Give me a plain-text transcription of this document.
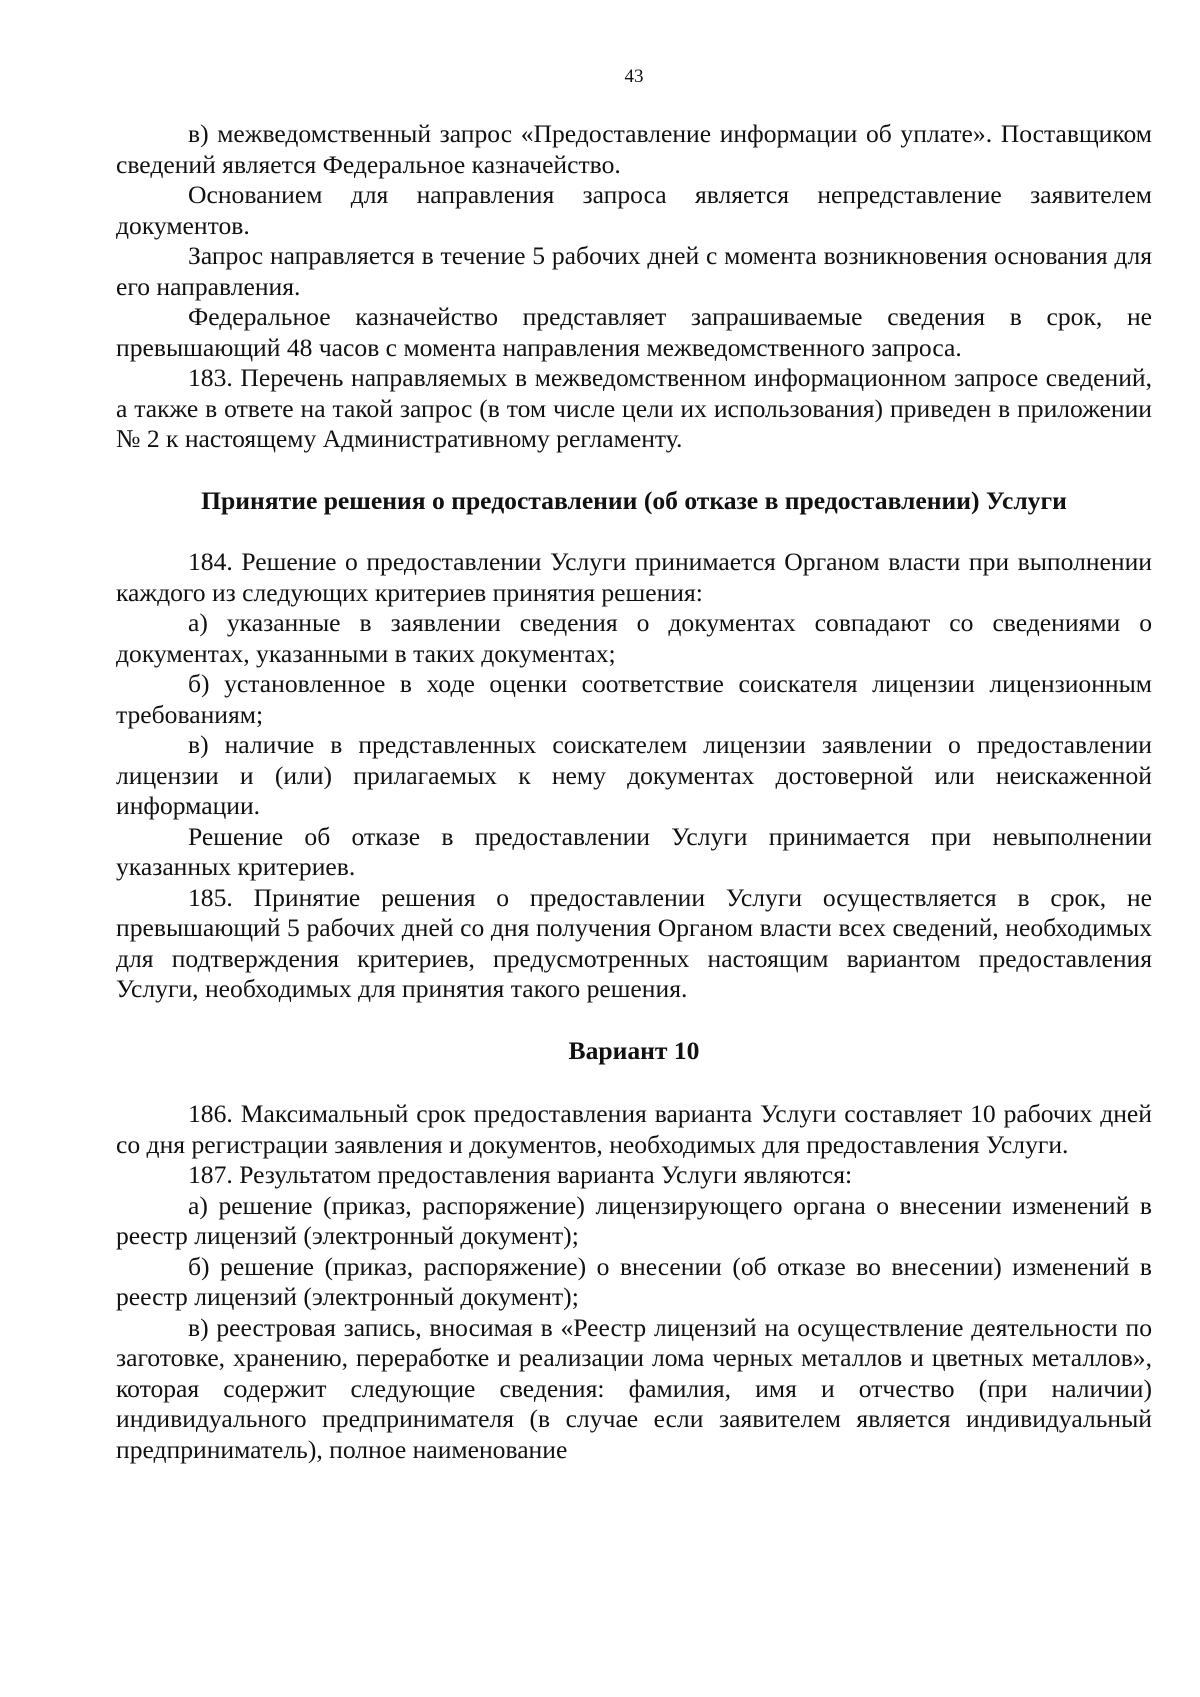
43

в) межведомственный запрос «Предоставление информации об уплате». Поставщиком сведений является Федеральное казначейство.

Основанием для направления запроса является непредставление заявителем документов.

Запрос направляется в течение 5 рабочих дней с момента возникновения основания для его направления.

Федеральное казначейство представляет запрашиваемые сведения в срок, не превышающий 48 часов с момента направления межведомственного запроса.

183. Перечень направляемых в межведомственном информационном запросе сведений, а также в ответе на такой запрос (в том числе цели их использования) приведен в приложении № 2 к настоящему Административному регламенту.

Принятие решения о предоставлении (об отказе в предоставлении) Услуги

184. Решение о предоставлении Услуги принимается Органом власти при выполнении каждого из следующих критериев принятия решения:

а) указанные в заявлении сведения о документах совпадают со сведениями о документах, указанными в таких документах;

б) установленное в ходе оценки соответствие соискателя лицензии лицензионным требованиям;

в) наличие в представленных соискателем лицензии заявлении о предоставлении лицензии и (или) прилагаемых к нему документах достоверной или неискаженной информации.

Решение об отказе в предоставлении Услуги принимается при невыполнении указанных критериев.

185. Принятие решения о предоставлении Услуги осуществляется в срок, не превышающий 5 рабочих дней со дня получения Органом власти всех сведений, необходимых для подтверждения критериев, предусмотренных настоящим вариантом предоставления Услуги, необходимых для принятия такого решения.

Вариант 10

186. Максимальный срок предоставления варианта Услуги составляет 10 рабочих дней со дня регистрации заявления и документов, необходимых для предоставления Услуги.

187. Результатом предоставления варианта Услуги являются:

а) решение (приказ, распоряжение) лицензирующего органа о внесении изменений в реестр лицензий (электронный документ);

б) решение (приказ, распоряжение) о внесении (об отказе во внесении) изменений в реестр лицензий (электронный документ);

в) реестровая запись, вносимая в «Реестр лицензий на осуществление деятельности по заготовке, хранению, переработке и реализации лома черных металлов и цветных металлов», которая содержит следующие сведения: фамилия, имя и отчество (при наличии) индивидуального предпринимателя (в случае если заявителем является индивидуальный предприниматель), полное наименование
